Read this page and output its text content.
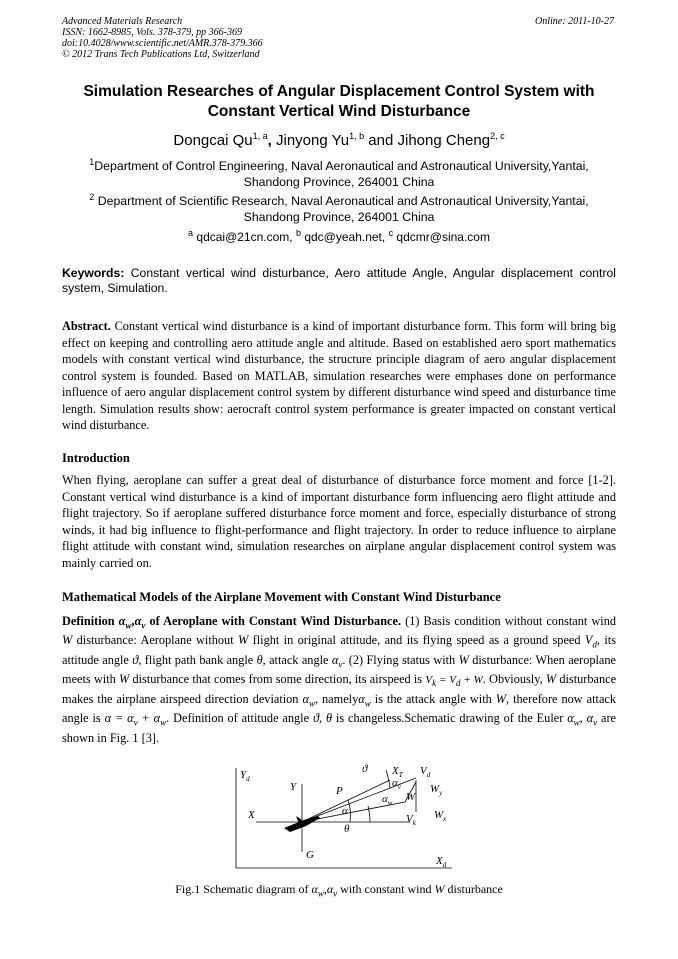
Advanced Materials Research
ISSN: 1662-8985, Vols. 378-379, pp 366-369
doi:10.4028/www.scientific.net/AMR.378-379.366
© 2012 Trans Tech Publications Ltd, Switzerland
Online: 2011-10-27
Simulation Researches of Angular Displacement Control System with
Constant Vertical Wind Disturbance
Dongcai Qu$^{1, a}$, Jinyong Yu$^{1, b}$ and Jihong Cheng$^{2, c}$
$^1$Department of Control Engineering, Naval Aeronautical and Astronautical University,Yantai, Shandong Province, 264001 China
$^2$ Department of Scientific Research, Naval Aeronautical and Astronautical University,Yantai, Shandong Province, 264001 China
$^a$ qdcai@21cn.com, $^b$ qdc@yeah.net, $^c$ qdcmr@sina.com
Keywords: Constant vertical wind disturbance, Aero attitude Angle, Angular displacement control system, Simulation.
Abstract. Constant vertical wind disturbance is a kind of important disturbance form. This form will bring big effect on keeping and controlling aero attitude angle and altitude. Based on established aero sport mathematics models with constant vertical wind disturbance, the structure principle diagram of aero angular displacement control system is founded. Based on MATLAB, simulation researches were emphases done on performance influence of aero angular displacement control system by different disturbance wind speed and disturbance time length. Simulation results show: aerocraft control system performance is greater impacted on constant vertical wind disturbance.
Introduction
When flying, aeroplane can suffer a great deal of disturbance of disturbance force moment and force [1-2]. Constant vertical wind disturbance is a kind of important disturbance form influencing aero flight attitude and flight trajectory. So if aeroplane suffered disturbance force moment and force, especially disturbance of strong winds, it had big influence to flight-performance and flight trajectory. In order to reduce influence to airplane flight attitude with constant wind, simulation researches on airplane angular displacement control system was mainly carried on.
Mathematical Models of the Airplane Movement with Constant Wind Disturbance
Definition $\alpha_w,\alpha_v$ of Aeroplane with Constant Wind Disturbance. (1) Basis condition without constant wind W disturbance: Aeroplane without W flight in original attitude, and its flying speed as a ground speed $V_d$, its attitude angle ϑ, flight path bank angle θ, attack angle $\alpha_v$. (2) Flying status with W disturbance: When aeroplane meets with W disturbance that comes from some direction, its airspeed is $V_k = V_d + W$. Obviously, W disturbance makes the airplane airspeed direction deviation $\alpha_w$, namelyα$_w$ is the attack angle with W, therefore now attack angle is $\alpha = \alpha_v + \alpha_w$. Definition of attitude angle ϑ, θ is changeless.Schematic drawing of the Euler $\alpha_w$, $\alpha_v$ are shown in Fig. 1 [3].
$Y_d$
Y
X
P
G
ϑ
θ
α
$X_T$
$\alpha_v$
$V_d$
$W_y$
$\alpha_w$ W
$V_k$
$W_x$
$X_d$
Fig.1 Schematic diagram of $\alpha_w,\alpha_v$ with constant wind W disturbance
